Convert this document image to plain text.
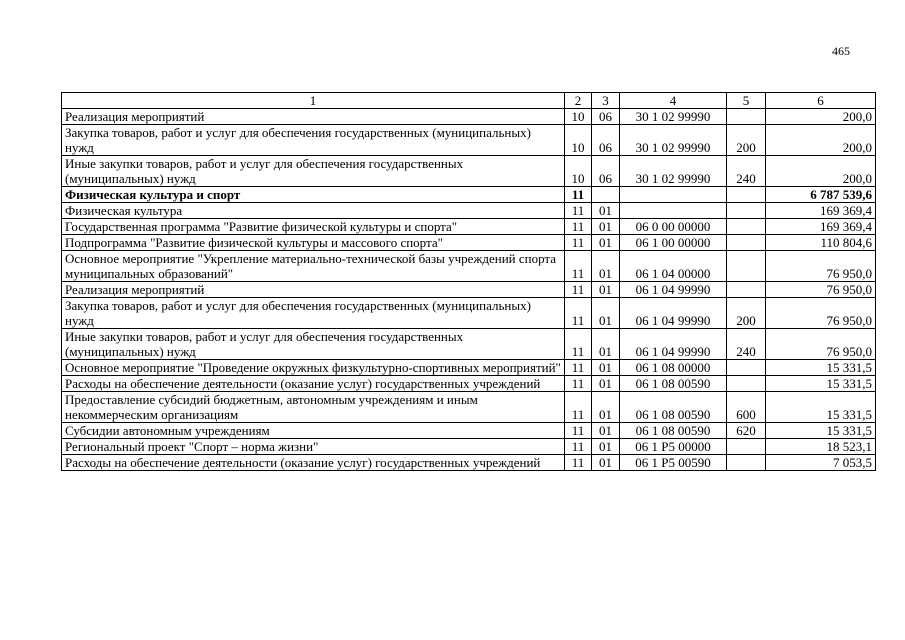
465
1	2	3	4	5	6
Реализация мероприятий	10	06	30 1 02 99990		200,0
Закупка товаров, работ и услуг для обеспечения государственных (муниципальных) нужд	10	06	30 1 02 99990	200	200,0
Иные закупки товаров, работ и услуг для обеспечения государственных (муниципальных) нужд	10	06	30 1 02 99990	240	200,0
Физическая культура и спорт	11				6 787 539,6
Физическая культура	11	01			169 369,4
Государственная программа "Развитие физической культуры и спорта"	11	01	06 0 00 00000		169 369,4
Подпрограмма "Развитие физической культуры и массового спорта"	11	01	06 1 00 00000		110 804,6
Основное мероприятие "Укрепление материально-технической базы учреждений спорта муниципальных образований"	11	01	06 1 04 00000		76 950,0
Реализация мероприятий	11	01	06 1 04 99990		76 950,0
Закупка товаров, работ и услуг для обеспечения государственных (муниципальных) нужд	11	01	06 1 04 99990	200	76 950,0
Иные закупки товаров, работ и услуг для обеспечения государственных (муниципальных) нужд	11	01	06 1 04 99990	240	76 950,0
Основное мероприятие "Проведение окружных физкультурно-спортивных мероприятий"	11	01	06 1 08 00000		15 331,5
Расходы на обеспечение деятельности (оказание услуг) государственных учреждений	11	01	06 1 08 00590		15 331,5
Предоставление субсидий бюджетным, автономным учреждениям и иным некоммерческим организациям	11	01	06 1 08 00590	600	15 331,5
Субсидии автономным учреждениям	11	01	06 1 08 00590	620	15 331,5
Региональный проект "Спорт – норма жизни"	11	01	06 1 Р5 00000		18 523,1
Расходы на обеспечение деятельности (оказание услуг) государственных учреждений	11	01	06 1 Р5 00590		7 053,5
